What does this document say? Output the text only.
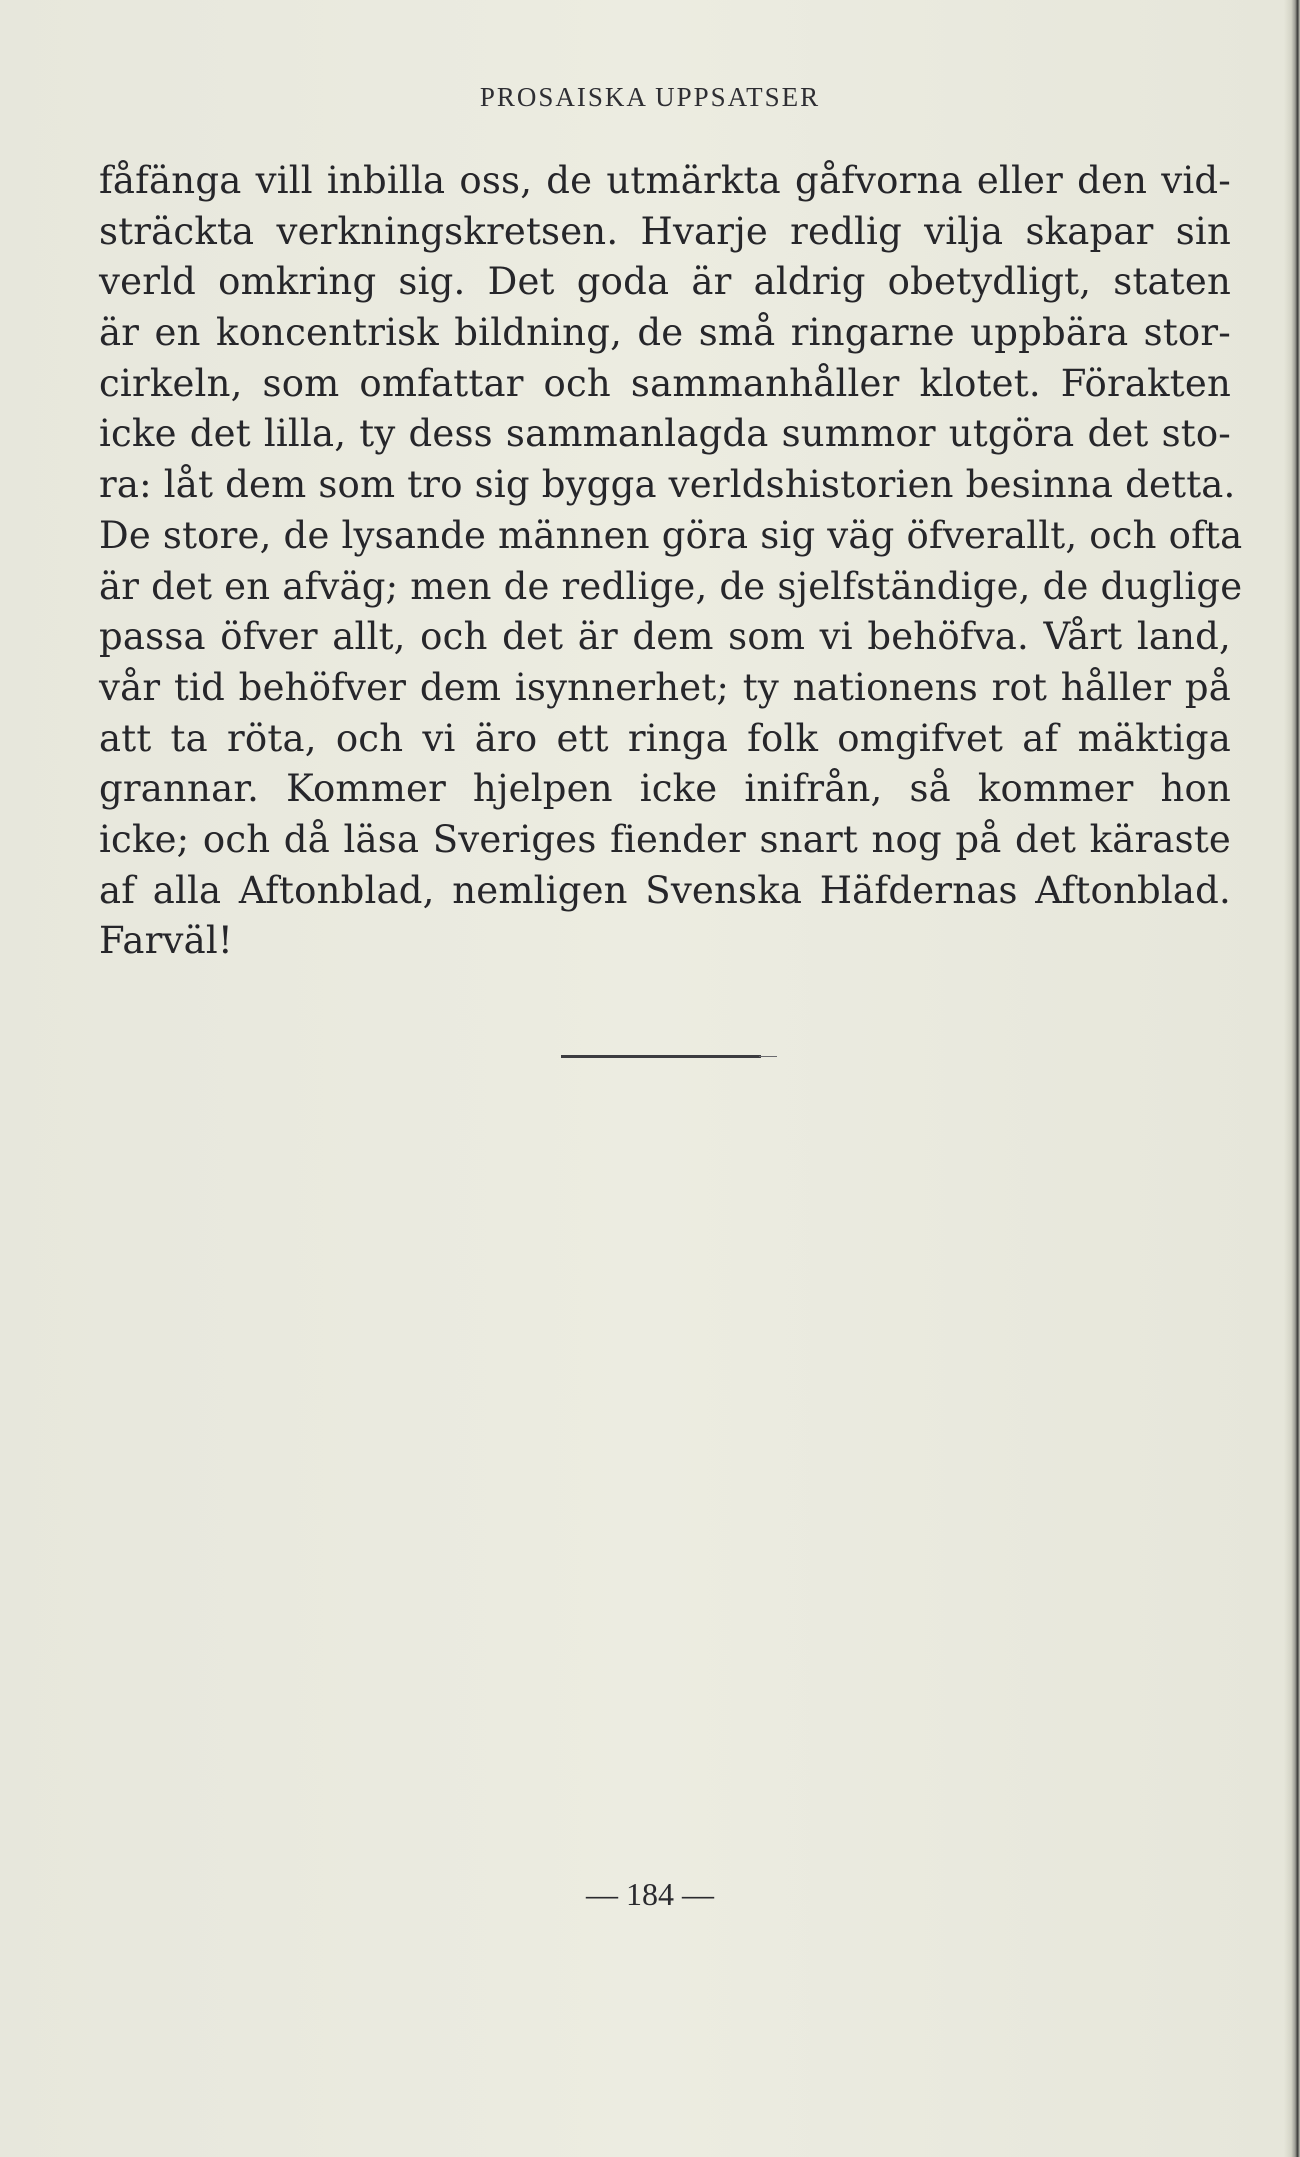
PROSAISKA UPPSATSER
fåfänga vill inbilla oss, de utmärkta gåfvorna eller den vid-
sträckta verkningskretsen. Hvarje redlig vilja skapar sin
verld omkring sig. Det goda är aldrig obetydligt, staten
är en koncentrisk bildning, de små ringarne uppbära stor-
cirkeln, som omfattar och sammanhåller klotet. Förakten
icke det lilla, ty dess sammanlagda summor utgöra det sto-
ra: låt dem som tro sig bygga verldshistorien besinna detta.
De store, de lysande männen göra sig väg öfverallt, och ofta
är det en afväg; men de redlige, de sjelfständige, de duglige
passa öfver allt, och det är dem som vi behöfva. Vårt land,
vår tid behöfver dem isynnerhet; ty nationens rot håller på
att ta röta, och vi äro ett ringa folk omgifvet af mäktiga
grannar. Kommer hjelpen icke inifrån, så kommer hon
icke; och då läsa Sveriges fiender snart nog på det käraste
af alla Aftonblad, nemligen Svenska Häfdernas Aftonblad.
Farväl!
— 184 —
